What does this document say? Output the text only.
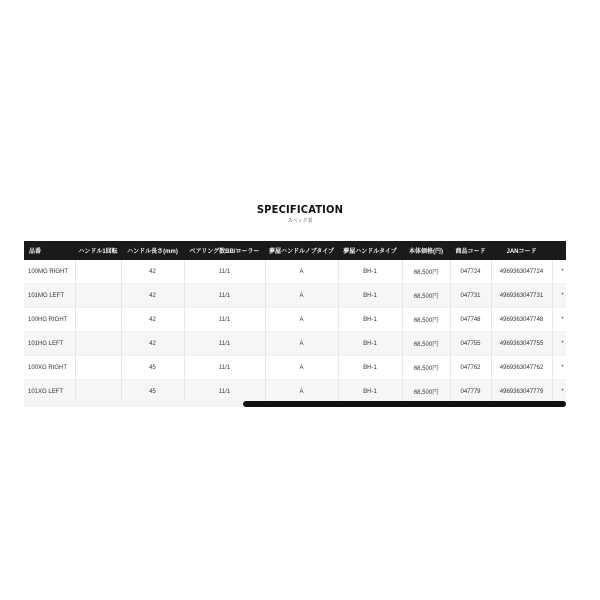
SPECIFICATION
スペック表
品番	ハンドル1回転	ハンドル長さ(mm)	ベアリング数BB/ローラー	夢屋ハンドルノブタイプ	夢屋ハンドルタイプ	本体価格(円)	商品コード	JANコード	
100MG RIGHT		42	11/1	A	BH-1	68,500円	047724	4969363047724	*
101MG LEFT		42	11/1	A	BH-1	68,500円	047731	4969363047731	*
100HG RIGHT		42	11/1	A	BH-1	68,500円	047748	4969363047748	*
101HG LEFT		42	11/1	A	BH-1	68,500円	047755	4969363047755	*
100XG RIGHT		45	11/1	A	BH-1	68,500円	047762	4969363047762	*
101XG LEFT		45	11/1	A	BH-1	68,500円	047779	4969363047779	*
